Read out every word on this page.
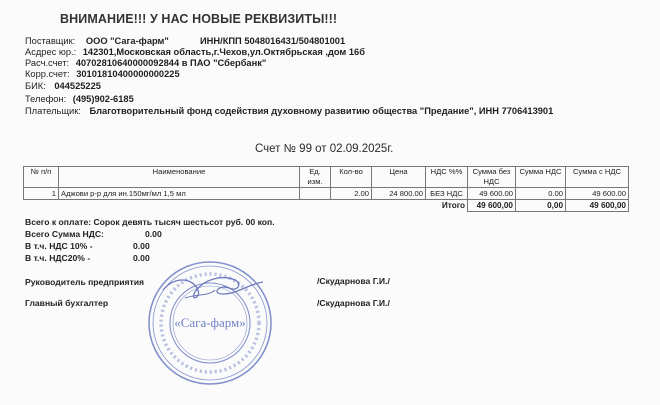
ВНИМАНИЕ!!! У НАС НОВЫЕ РЕКВИЗИТЫ!!!
Поставщик: ООО "Сага-фарм"	ИНН/КПП 5048016431/504801001
Асдрес юр.: 142301,Московская область,г.Чехов,ул.Октябрьская ,дом 16б
Расч.счет: 40702810640000092844 в ПАО "Сбербанк"
Корр.счет: 30101810400000000225
БИК: 044525225
Телефон: (495)902-6185
Плательщик: Благотворительный фонд содействия духовному развитию общества "Предание", ИНН 7706413901
Счет № 99 от 02.09.2025г.
№ п/п	Наименование	Ед. изм.	Кол-во	Цена	НДС %%	Сумма без НДС	Сумма НДС	Сумма с НДС
1	Аджови р-р для ин.150мг/мл 1,5 мл		2.00	24 800.00	БЕЗ НДС	49 600.00	0.00	49 600.00
					Итого	49 600,00	0,00	49 600,00
Всего к оплате: Сорок девять тысяч шестьсот руб. 00 коп.
Всего Сумма НДС:	0.00
В т.ч. НДС 10% -	0.00
В т.ч. НДС20% -	0.00
Руководитель предприятия	/Скударнова Г.И./
Главный бухгалтер	/Скударнова Г.И./
«Сага-фарм»
